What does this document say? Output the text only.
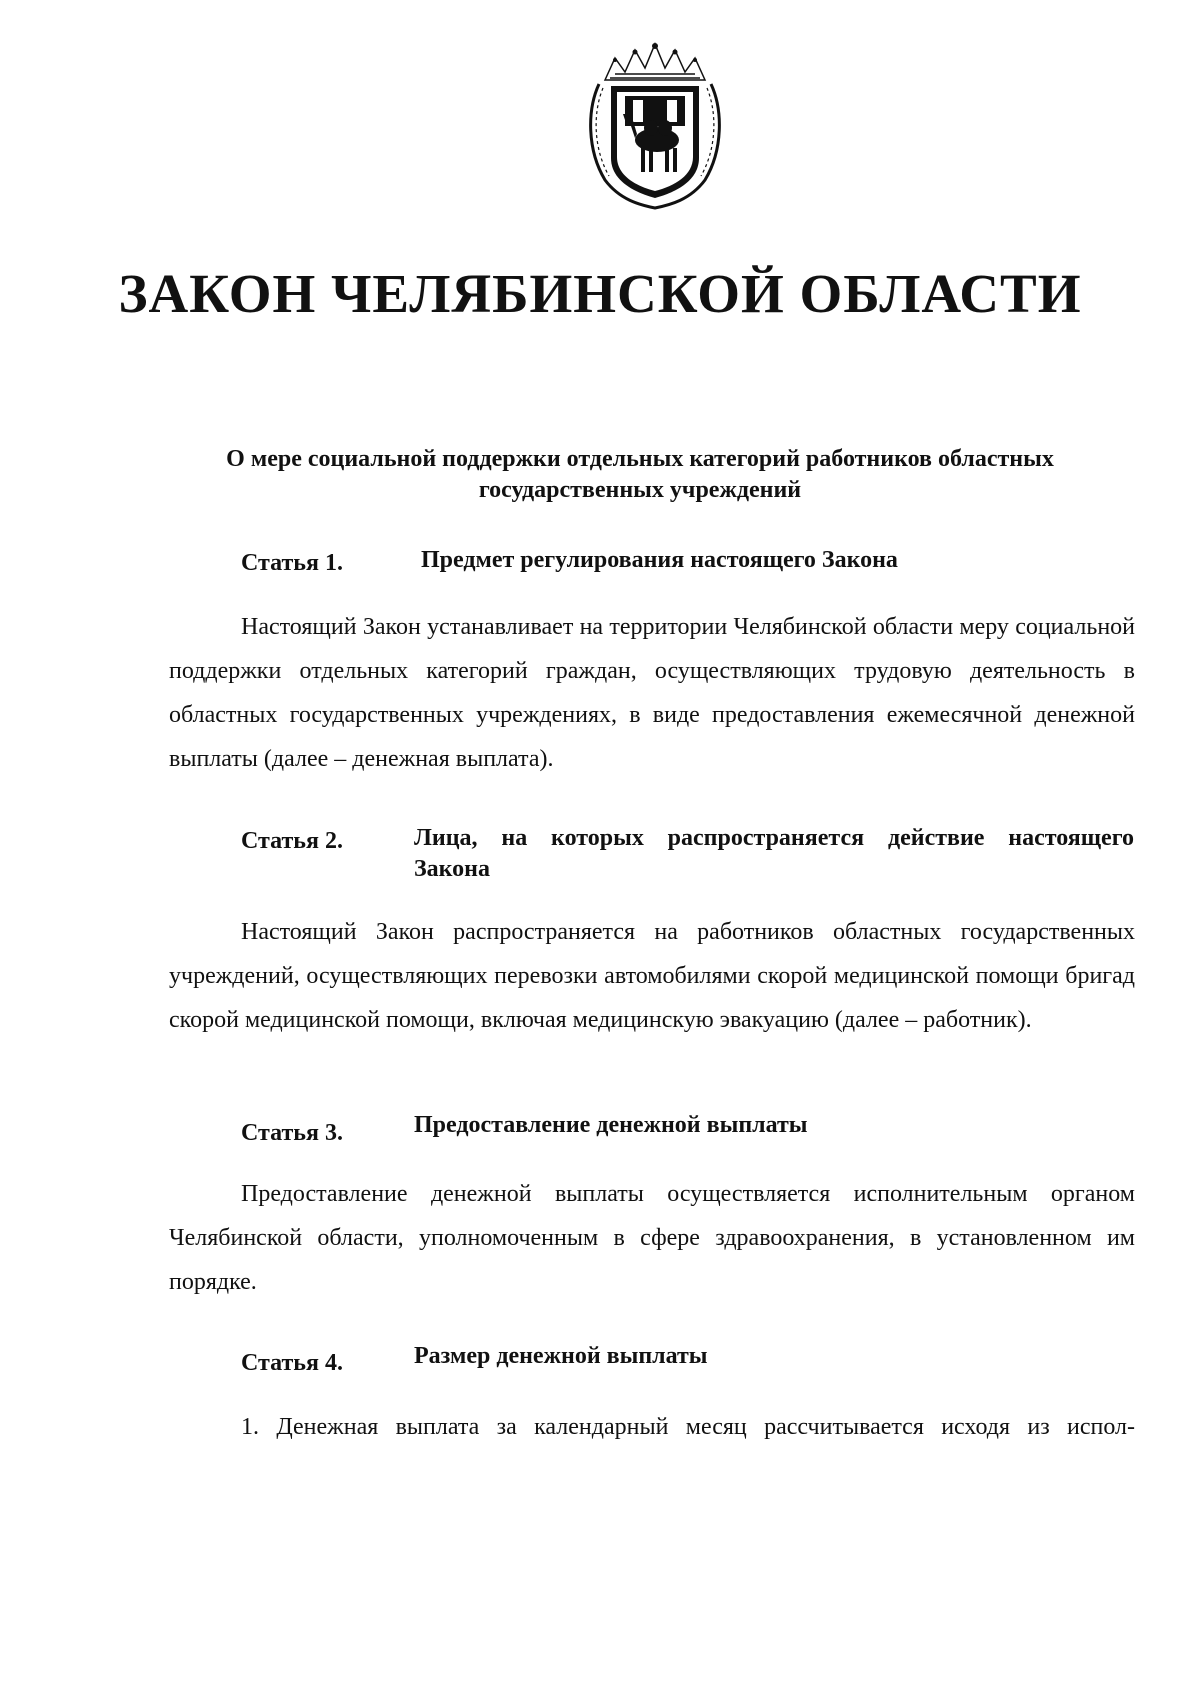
ЗАКОН ЧЕЛЯБИНСКОЙ ОБЛАСТИ
О мере социальной поддержки отдельных категорий работников областных
государственных учреждений
Статья 1.	Предмет регулирования настоящего Закона
Настоящий Закон устанавливает на территории Челябинской области меру социальной поддержки отдельных категорий граждан, осуществляющих трудовую деятельность в областных государственных учреждениях, в виде предоставления ежемесячной денежной выплаты (далее – денежная выплата).
Статья 2.	Лица, на которых распространяется действие настоящего
Закона
Настоящий Закон распространяется на работников областных государственных учреждений, осуществляющих перевозки автомобилями скорой медицинской помощи бригад скорой медицинской помощи, включая медицинскую эвакуацию (далее – работник).
Статья 3.	Предоставление денежной выплаты
Предоставление денежной выплаты осуществляется исполнительным органом Челябинской области, уполномоченным в сфере здравоохранения, в установленном им порядке.
Статья 4.	Размер денежной выплаты
1. Денежная выплата за календарный месяц рассчитывается исходя из испол-
